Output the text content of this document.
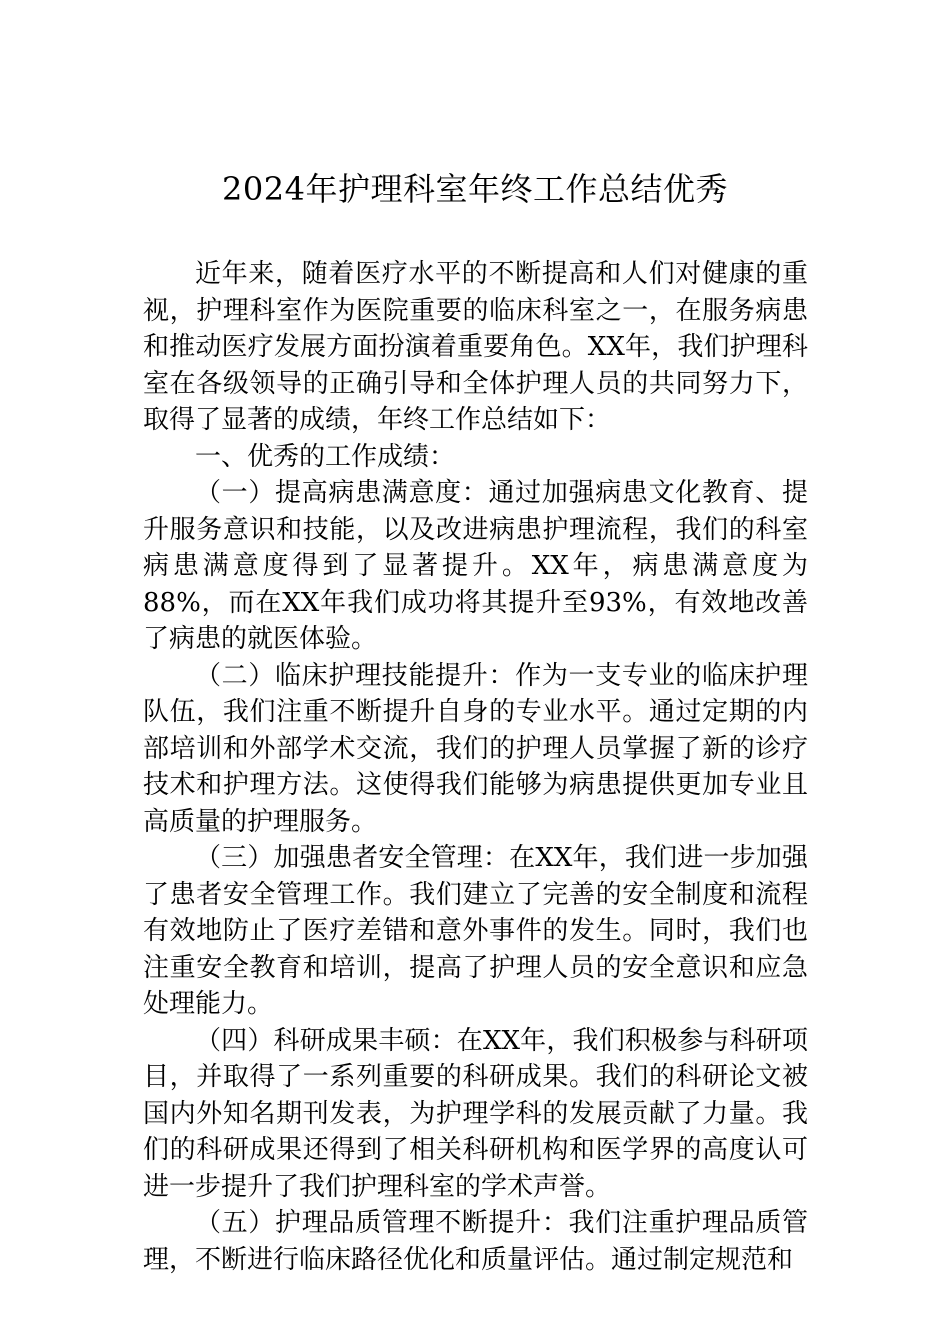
2024年护理科室年终工作总结优秀

近年来，随着医疗水平的不断提高和人们对健康的重视，护理科室作为医院重要的临床科室之一，在服务病患和推动医疗发展方面扮演着重要角色。XX年，我们护理科室在各级领导的正确引导和全体护理人员的共同努力下，取得了显著的成绩，年终工作总结如下：

一、优秀的工作成绩：

（一）提高病患满意度：通过加强病患文化教育、提升服务意识和技能，以及改进病患护理流程，我们的科室病患满意度得到了显著提升。XX年，病患满意度为88%，而在XX年我们成功将其提升至93%，有效地改善了病患的就医体验。

（二）临床护理技能提升：作为一支专业的临床护理队伍，我们注重不断提升自身的专业水平。通过定期的内部培训和外部学术交流，我们的护理人员掌握了新的诊疗技术和护理方法。这使得我们能够为病患提供更加专业且高质量的护理服务。

（三）加强患者安全管理：在XX年，我们进一步加强了患者安全管理工作。我们建立了完善的安全制度和流程有效地防止了医疗差错和意外事件的发生。同时，我们也注重安全教育和培训，提高了护理人员的安全意识和应急处理能力。

（四）科研成果丰硕：在XX年，我们积极参与科研项目，并取得了一系列重要的科研成果。我们的科研论文被国内外知名期刊发表，为护理学科的发展贡献了力量。我们的科研成果还得到了相关科研机构和医学界的高度认可进一步提升了我们护理科室的学术声誉。

（五）护理品质管理不断提升：我们注重护理品质管理，不断进行临床路径优化和质量评估。通过制定规范和
